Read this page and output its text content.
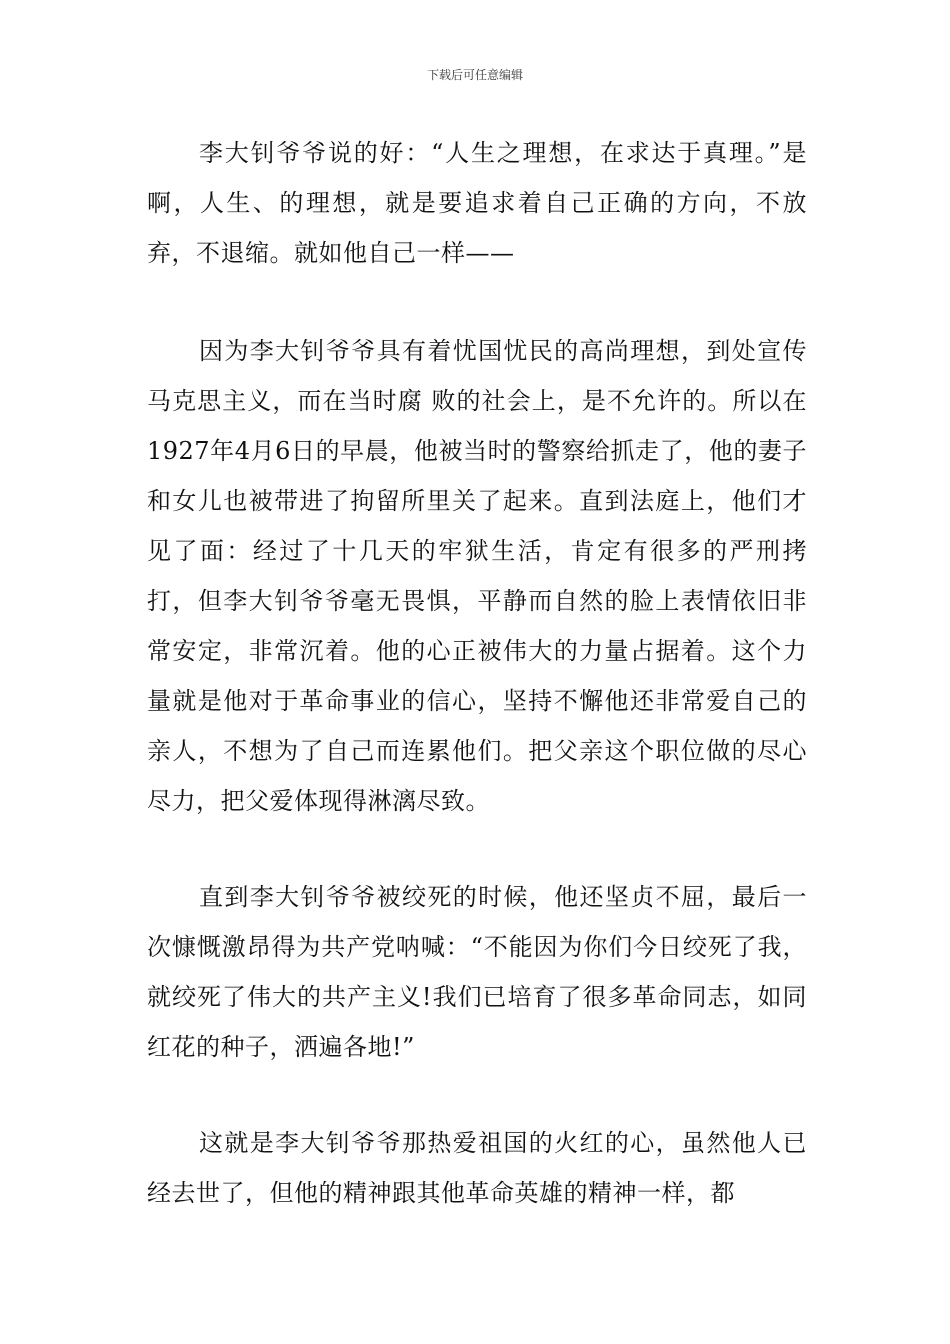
下载后可任意编辑

李大钊爷爷说的好：“人生之理想，在求达于真理。”是啊，人生、的理想，就是要追求着自己正确的方向，不放弃，不退缩。就如他自己一样——

因为李大钊爷爷具有着忧国忧民的高尚理想，到处宣传马克思主义，而在当时腐 败的社会上，是不允许的。所以在1927年4月6日的早晨，他被当时的警察给抓走了，他的妻子和女儿也被带进了拘留所里关了起来。直到法庭上，他们才见了面：经过了十几天的牢狱生活，肯定有很多的严刑拷打，但李大钊爷爷毫无畏惧，平静而自然的脸上表情依旧非常安定，非常沉着。他的心正被伟大的力量占据着。这个力量就是他对于革命事业的信心，坚持不懈他还非常爱自己的亲人，不想为了自己而连累他们。把父亲这个职位做的尽心尽力，把父爱体现得淋漓尽致。

直到李大钊爷爷被绞死的时候，他还坚贞不屈，最后一次慷慨激昂得为共产党呐喊：“不能因为你们今日绞死了我，就绞死了伟大的共产主义!我们已培育了很多革命同志，如同红花的种子，洒遍各地!”

这就是李大钊爷爷那热爱祖国的火红的心，虽然他人已经去世了，但他的精神跟其他革命英雄的精神一样，都
